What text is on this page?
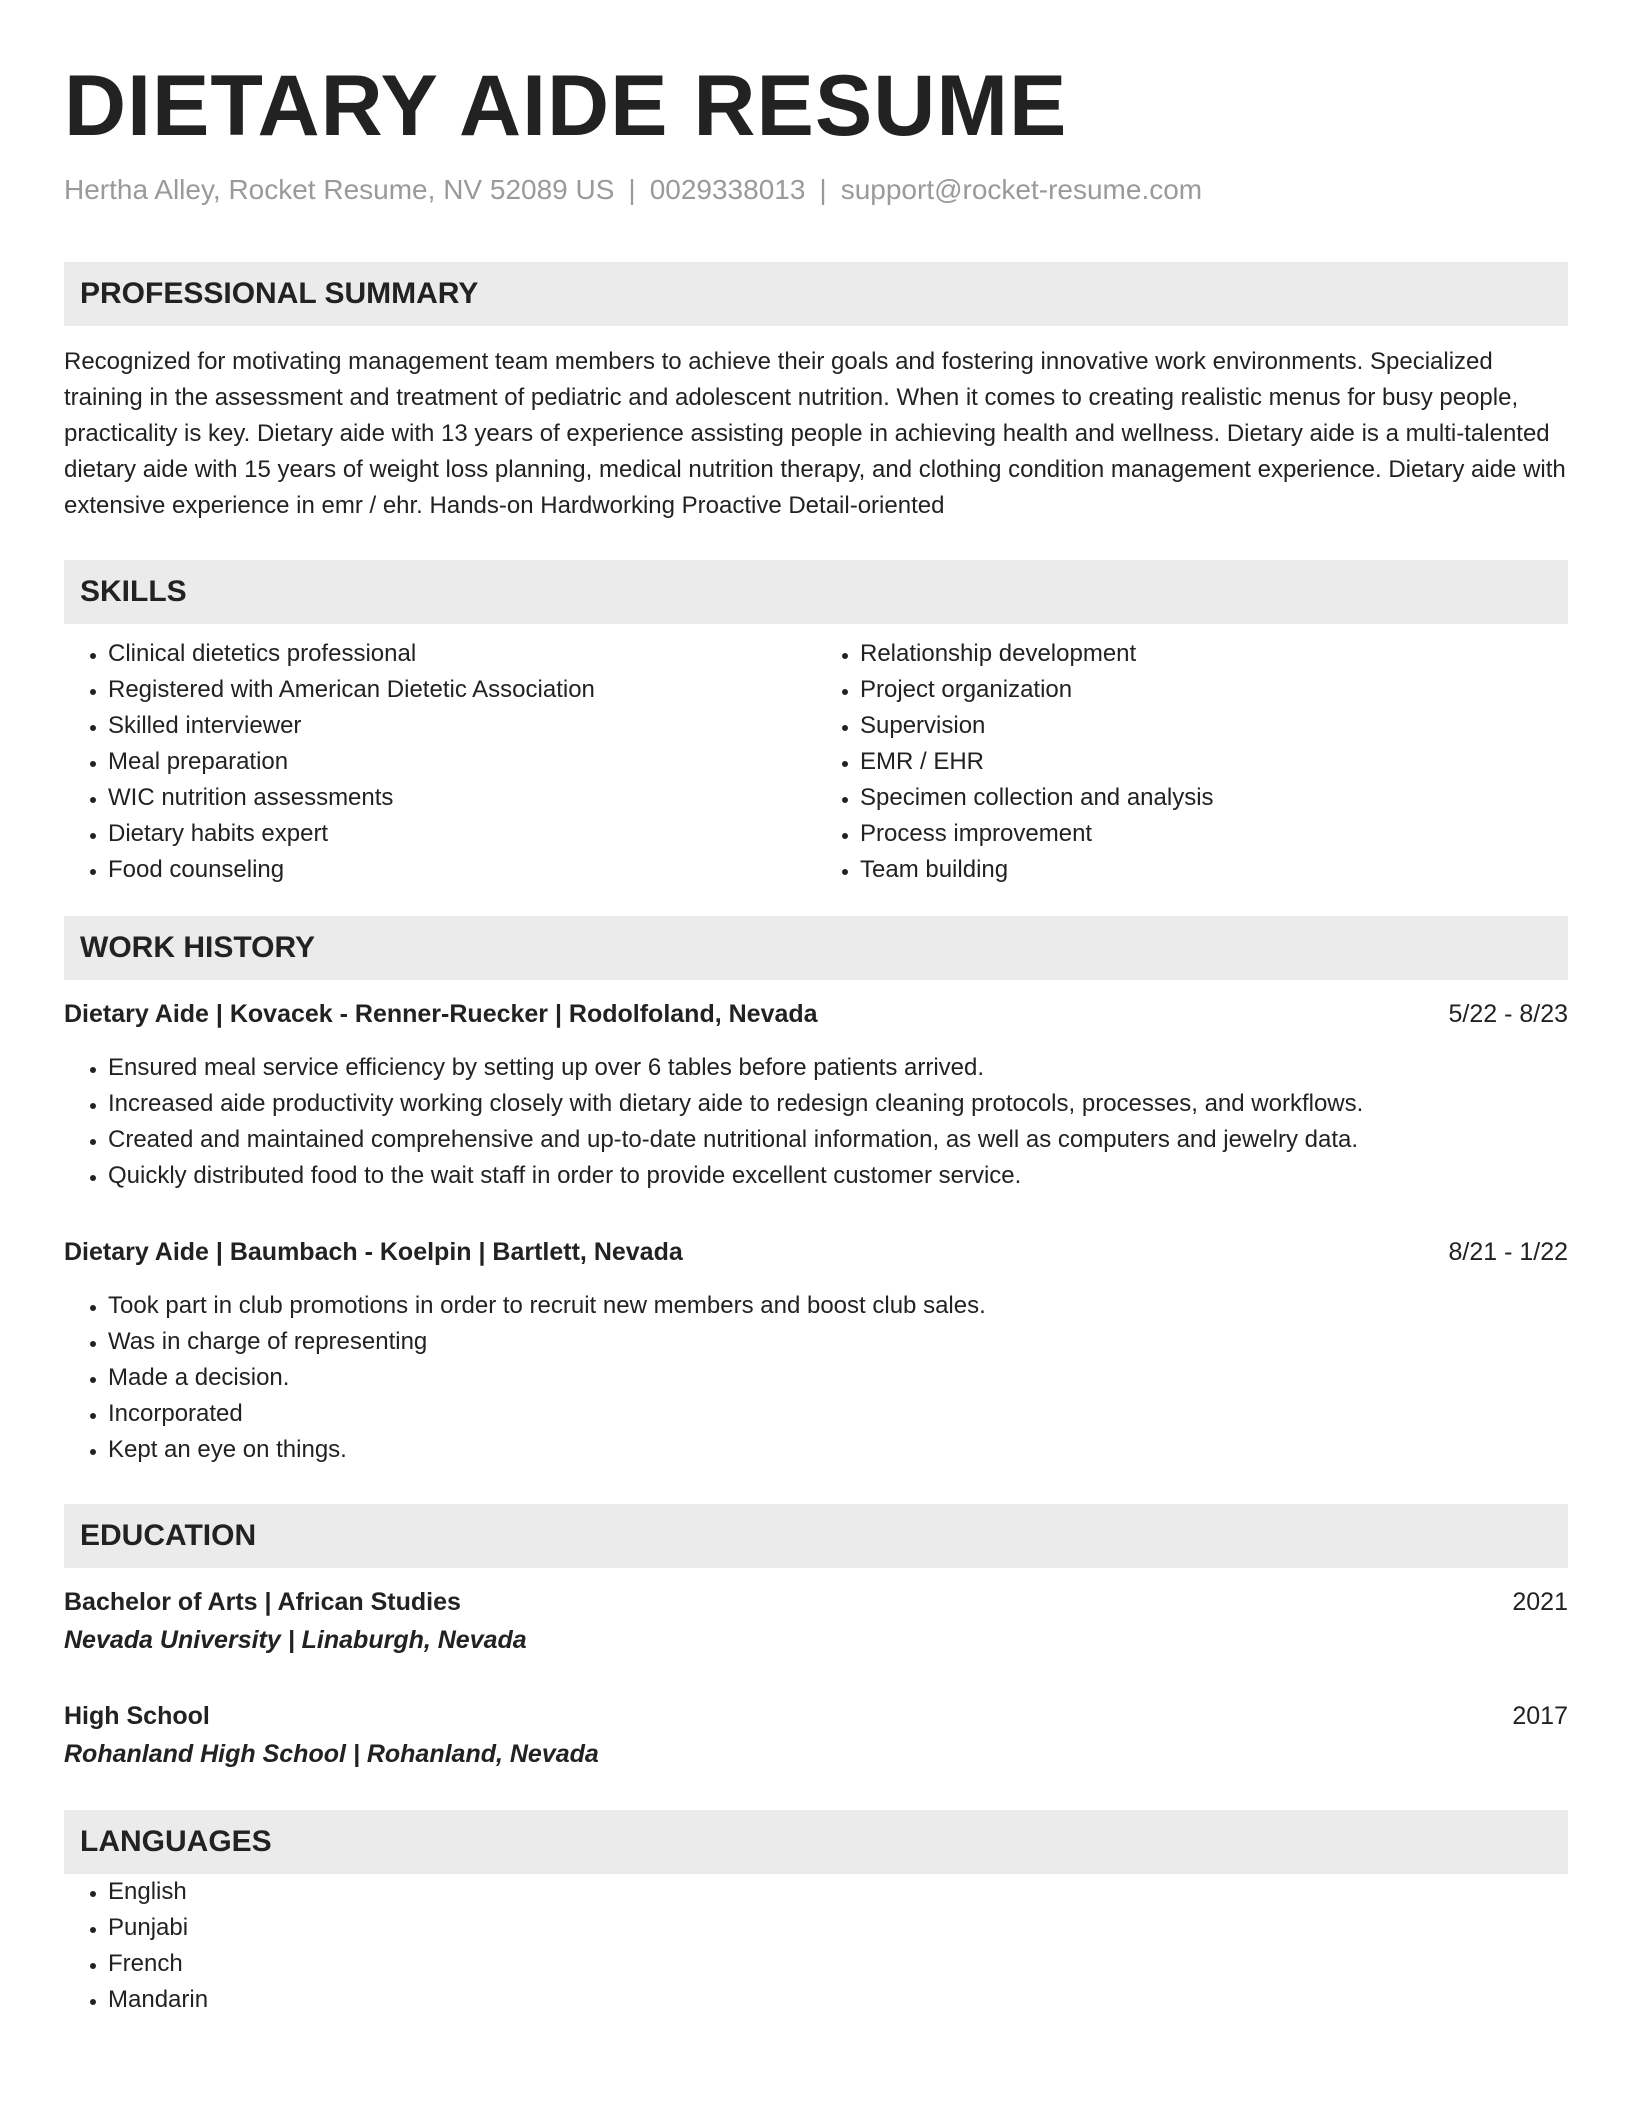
DIETARY AIDE RESUME
Hertha Alley, Rocket Resume, NV 52089 US | 0029338013 | support@rocket-resume.com
PROFESSIONAL SUMMARY

Recognized for motivating management team members to achieve their goals and fostering innovative work environments. Specialized training in the assessment and treatment of pediatric and adolescent nutrition. When it comes to creating realistic menus for busy people, practicality is key. Dietary aide with 13 years of experience assisting people in achieving health and wellness. Dietary aide is a multi-talented dietary aide with 15 years of weight loss planning, medical nutrition therapy, and clothing condition management experience. Dietary aide with extensive experience in emr / ehr. Hands-on Hardworking Proactive Detail-oriented

SKILLS
• Clinical dietetics professional
• Registered with American Dietetic Association
• Skilled interviewer
• Meal preparation
• WIC nutrition assessments
• Dietary habits expert
• Food counseling
• Relationship development
• Project organization
• Supervision
• EMR / EHR
• Specimen collection and analysis
• Process improvement
• Team building
WORK HISTORY
Dietary Aide | Kovacek - Renner-Ruecker | Rodolfoland, Nevada	5/22 - 8/23
• Ensured meal service efficiency by setting up over 6 tables before patients arrived.
• Increased aide productivity working closely with dietary aide to redesign cleaning protocols, processes, and workflows.
• Created and maintained comprehensive and up-to-date nutritional information, as well as computers and jewelry data.
• Quickly distributed food to the wait staff in order to provide excellent customer service.
Dietary Aide | Baumbach - Koelpin | Bartlett, Nevada	8/21 - 1/22
• Took part in club promotions in order to recruit new members and boost club sales.
• Was in charge of representing
• Made a decision.
• Incorporated
• Kept an eye on things.
EDUCATION
Bachelor of Arts | African Studies	2021
Nevada University | Linaburgh, Nevada
High School	2017
Rohanland High School | Rohanland, Nevada
LANGUAGES
• English
• Punjabi
• French
• Mandarin
